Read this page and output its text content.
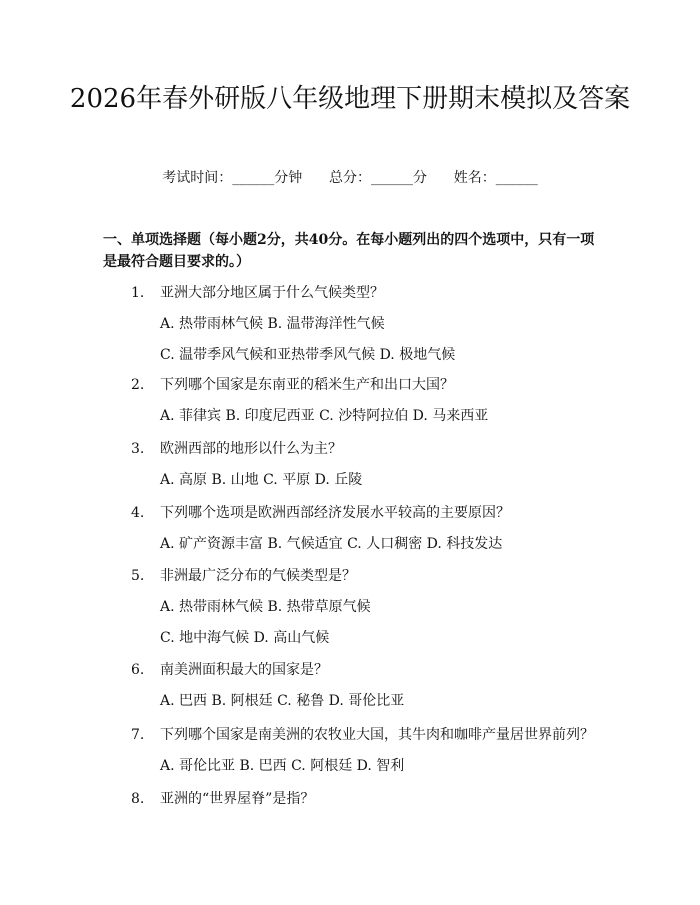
2026年春外研版八年级地理下册期末模拟及答案
考试时间：______分钟      总分：______分      姓名：______
一、单项选择题（每小题2分，共40分。在每小题列出的四个选项中，只有一项是最符合题目要求的。）
1. 亚洲大部分地区属于什么气候类型？
A. 热带雨林气候 B. 温带海洋性气候
C. 温带季风气候和亚热带季风气候 D. 极地气候
2. 下列哪个国家是东南亚的稻米生产和出口大国？
A. 菲律宾 B. 印度尼西亚 C. 沙特阿拉伯 D. 马来西亚
3. 欧洲西部的地形以什么为主？
A. 高原 B. 山地 C. 平原 D. 丘陵
4. 下列哪个选项是欧洲西部经济发展水平较高的主要原因？
A. 矿产资源丰富 B. 气候适宜 C. 人口稠密 D. 科技发达
5. 非洲最广泛分布的气候类型是？
A. 热带雨林气候 B. 热带草原气候
C. 地中海气候 D. 高山气候
6. 南美洲面积最大的国家是？
A. 巴西 B. 阿根廷 C. 秘鲁 D. 哥伦比亚
7. 下列哪个国家是南美洲的农牧业大国，其牛肉和咖啡产量居世界前列？
A. 哥伦比亚 B. 巴西 C. 阿根廷 D. 智利
8. 亚洲的“世界屋脊”是指？
